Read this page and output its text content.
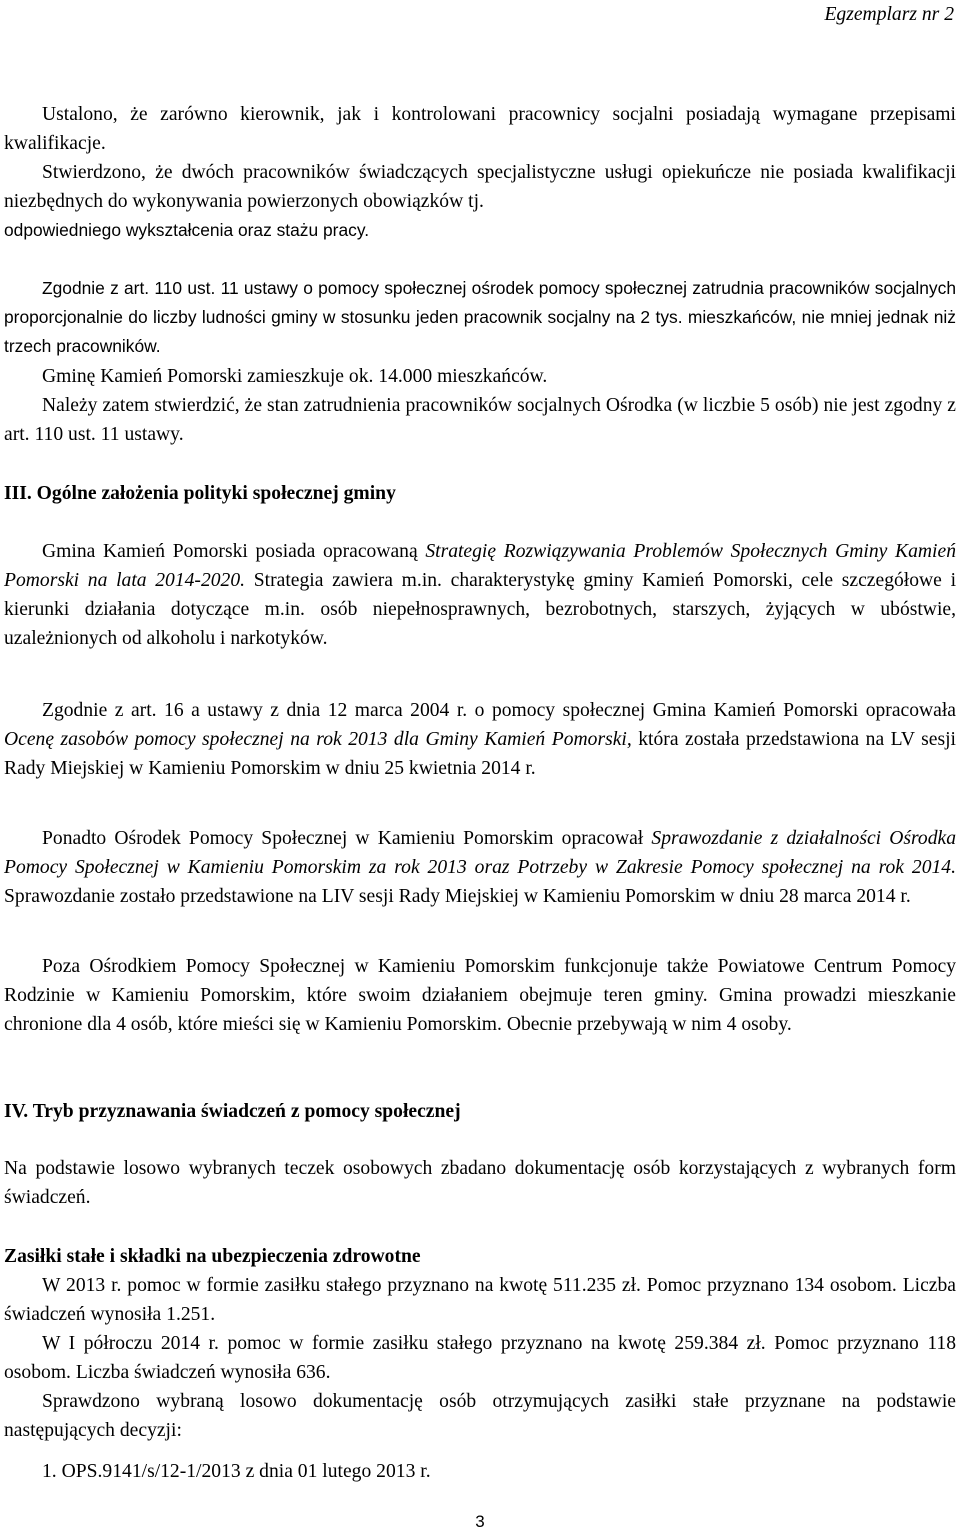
Egzemplarz nr 2

Ustalono, że zarówno kierownik, jak i kontrolowani pracownicy socjalni posiadają wymagane przepisami kwalifikacje.

Stwierdzono, że dwóch pracowników świadczących specjalistyczne usługi opiekuńcze nie posiada kwalifikacji niezbędnych do wykonywania powierzonych obowiązków tj.

odpowiedniego wykształcenia oraz stażu pracy.

Zgodnie z art. 110 ust. 11 ustawy o pomocy społecznej ośrodek pomocy społecznej zatrudnia pracowników socjalnych proporcjonalnie do liczby ludności gminy w stosunku jeden pracownik socjalny na 2 tys. mieszkańców, nie mniej jednak niż trzech pracowników.

Gminę Kamień Pomorski zamieszkuje ok. 14.000 mieszkańców.

Należy zatem stwierdzić, że stan zatrudnienia pracowników socjalnych Ośrodka (w liczbie 5 osób) nie jest zgodny z art. 110 ust. 11 ustawy.

III. Ogólne założenia polityki społecznej gminy

Gmina Kamień Pomorski posiada opracowaną Strategię Rozwiązywania Problemów Społecznych Gminy Kamień Pomorski na lata 2014-2020. Strategia zawiera m.in. charakterystykę gminy Kamień Pomorski, cele szczegółowe i kierunki działania dotyczące m.in. osób niepełnosprawnych, bezrobotnych, starszych, żyjących w ubóstwie, uzależnionych od alkoholu i narkotyków.

Zgodnie z art. 16 a ustawy z dnia 12 marca 2004 r. o pomocy społecznej Gmina Kamień Pomorski opracowała Ocenę zasobów pomocy społecznej na rok 2013 dla Gminy Kamień Pomorski, która została przedstawiona na LV sesji Rady Miejskiej w Kamieniu Pomorskim w dniu 25 kwietnia 2014 r.

Ponadto Ośrodek Pomocy Społecznej w Kamieniu Pomorskim opracował Sprawozdanie z działalności Ośrodka Pomocy Społecznej w Kamieniu Pomorskim za rok 2013 oraz Potrzeby w Zakresie Pomocy społecznej na rok 2014. Sprawozdanie zostało przedstawione na LIV sesji Rady Miejskiej w Kamieniu Pomorskim w dniu 28 marca 2014 r.

Poza Ośrodkiem Pomocy Społecznej w Kamieniu Pomorskim funkcjonuje także Powiatowe Centrum Pomocy Rodzinie w Kamieniu Pomorskim, które swoim działaniem obejmuje teren gminy. Gmina prowadzi mieszkanie chronione dla 4 osób, które mieści się w Kamieniu Pomorskim. Obecnie przebywają w nim 4 osoby.

IV. Tryb przyznawania świadczeń z pomocy społecznej

Na podstawie losowo wybranych teczek osobowych zbadano dokumentację osób korzystających z wybranych form świadczeń.

Zasiłki stałe i składki na ubezpieczenia zdrowotne

W 2013 r. pomoc w formie zasiłku stałego przyznano na kwotę 511.235 zł. Pomoc przyznano 134 osobom. Liczba świadczeń wynosiła 1.251.

W I półroczu 2014 r. pomoc w formie zasiłku stałego przyznano na kwotę 259.384 zł. Pomoc przyznano 118 osobom. Liczba świadczeń wynosiła 636.

Sprawdzono wybraną losowo dokumentację osób otrzymujących zasiłki stałe przyznane na podstawie następujących decyzji:

1. OPS.9141/s/12-1/2013 z dnia 01 lutego 2013 r.

3
